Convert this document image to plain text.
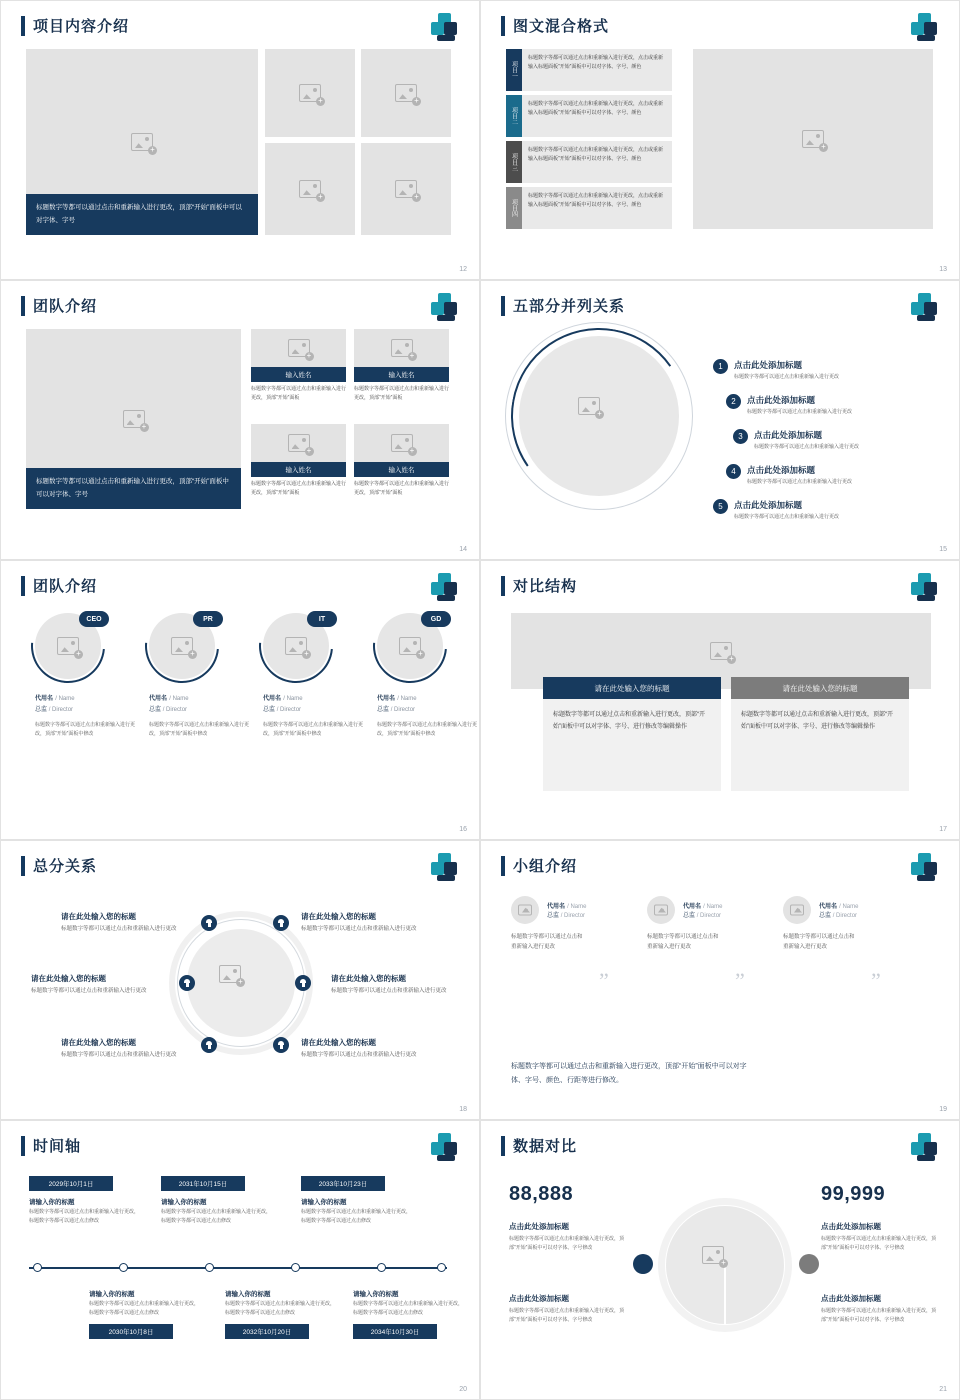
项目内容介绍
+
标题数字等都可以通过点击和重新输入进行更改，顶部“开始”面板中可以对字体、字号
+	+
+	+
12
图文混合格式
项目一
标题数字等都可以通过点击和重新输入进行更改，点击或重新输入标题面板“开始”面板中可以对字体、字号、颜色
项目二
标题数字等都可以通过点击和重新输入进行更改，点击或重新输入标题面板“开始”面板中可以对字体、字号、颜色
项目三
标题数字等都可以通过点击和重新输入进行更改，点击或重新输入标题面板“开始”面板中可以对字体、字号、颜色
项目四
标题数字等都可以通过点击和重新输入进行更改，点击或重新输入标题面板“开始”面板中可以对字体、字号、颜色
+
13
团队介绍
+
标题数字等都可以通过点击和重新输入进行更改，顶部“开始”面板中可以对字体、字号
+
输入姓名
标题数字等都可以通过点击和重新输入进行更改，顶部“开始”面板
+
输入姓名
标题数字等都可以通过点击和重新输入进行更改，顶部“开始”面板
+
输入姓名
标题数字等都可以通过点击和重新输入进行更改，顶部“开始”面板
+
输入姓名
标题数字等都可以通过点击和重新输入进行更改，顶部“开始”面板
14
五部分并列关系
+
1	点击此处添加标题
标题数字等都可以通过点击和重新输入进行更改
2	点击此处添加标题
标题数字等都可以通过点击和重新输入进行更改
3	点击此处添加标题
标题数字等都可以通过点击和重新输入进行更改
4	点击此处添加标题
标题数字等都可以通过点击和重新输入进行更改
5	点击此处添加标题
标题数字等都可以通过点击和重新输入进行更改
15
团队介绍
+
CEO
代用名 / Name
总监 / Director
标题数字等都可以通过点击和重新输入进行更改，顶部“开始”面板中修改
+
PR
代用名 / Name
总监 / Director
标题数字等都可以通过点击和重新输入进行更改，顶部“开始”面板中修改
+
IT
代用名 / Name
总监 / Director
标题数字等都可以通过点击和重新输入进行更改，顶部“开始”面板中修改
+
GD
代用名 / Name
总监 / Director
标题数字等都可以通过点击和重新输入进行更改，顶部“开始”面板中修改
16
对比结构
+
请在此处输入您的标题	请在此处输入您的标题
标题数字等都可以通过点击和重新输入进行更改，顶部“开始”面板中可以对字体、字号、进行修改等编辑操作
标题数字等都可以通过点击和重新输入进行更改，顶部“开始”面板中可以对字体、字号、进行修改等编辑操作
17
总分关系
+
请在此处输入您的标题
标题数字等都可以通过点击和重新输入进行更改
请在此处输入您的标题
标题数字等都可以通过点击和重新输入进行更改
请在此处输入您的标题
标题数字等都可以通过点击和重新输入进行更改
请在此处输入您的标题
标题数字等都可以通过点击和重新输入进行更改
请在此处输入您的标题
标题数字等都可以通过点击和重新输入进行更改
请在此处输入您的标题
标题数字等都可以通过点击和重新输入进行更改
18
小组介绍
代用名 / Name
总监 / Director
标题数字等都可以通过点击和重新输入进行更改
”
代用名 / Name
总监 / Director
标题数字等都可以通过点击和重新输入进行更改
”
代用名 / Name
总监 / Director
标题数字等都可以通过点击和重新输入进行更改
”
标题数字等都可以通过点击和重新输入进行更改，顶部“开始”面板中可以对字体、字号、颜色、行距等进行修改。
19
时间轴
2029年10月1日
请输入你的标题
标题数字等都可以通过点击和重新输入进行更改，标题数字等都可以通过点击修改
2031年10月15日
请输入你的标题
标题数字等都可以通过点击和重新输入进行更改，标题数字等都可以通过点击修改
2033年10月23日
请输入你的标题
标题数字等都可以通过点击和重新输入进行更改，标题数字等都可以通过点击修改
请输入你的标题
标题数字等都可以通过点击和重新输入进行更改，标题数字等都可以通过点击修改
2030年10月8日
请输入你的标题
标题数字等都可以通过点击和重新输入进行更改，标题数字等都可以通过点击修改
2032年10月20日
请输入你的标题
标题数字等都可以通过点击和重新输入进行更改，标题数字等都可以通过点击修改
2034年10月30日
20
数据对比
+
88,888
点击此处添加标题
标题数字等都可以通过点击和重新输入进行更改，顶部“开始”面板中可以对字体、字号修改
点击此处添加标题
标题数字等都可以通过点击和重新输入进行更改，顶部“开始”面板中可以对字体、字号修改
99,999
点击此处添加标题
标题数字等都可以通过点击和重新输入进行更改，顶部“开始”面板中可以对字体、字号修改
点击此处添加标题
标题数字等都可以通过点击和重新输入进行更改，顶部“开始”面板中可以对字体、字号修改
21
